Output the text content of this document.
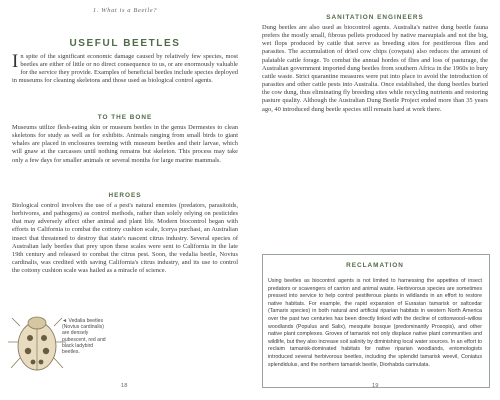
1. What is a Beetle?
USEFUL BEETLES

In spite of the significant economic damage caused by relatively few species, most beetles are either of little or no direct consequence to us, or are enormously valuable for the service they provide. Examples of beneficial beetles include species deployed in museums for cleaning skeletons and those used as biological control agents.

TO THE BONE

Museums utilize flesh-eating skin or museum beetles in the genus Dermestes to clean skeletons for study as well as for exhibits. Animals ranging from small birds to giant whales are placed in enclosures teeming with museum beetles and their larvae, which will gnaw at the carcasses until nothing remains but skeleton. This process may take only a few days for smaller animals or several months for large marine mammals.

HEROES

Biological control involves the use of a pest's natural enemies (predators, parasitoids, herbivores, and pathogens) as control methods, rather than solely relying on pesticides that may adversely affect other animal and plant life. Modern biocontrol began with efforts in California to combat the cottony cushion scale, Icerya purchasi, an Australian insect that threatened to destroy that state's nascent citrus industry. Several species of Australian lady beetles that prey upon these scales were sent to California in the late 19th century and released to combat the citrus pest. Soon, the vedalia beetle, Novius cardinalis, was credited with saving California's citrus industry, and its use to control the cottony cushion scale was hailed as a miracle of science.

◄ Vedalia beetles (Novius cardinalis) are densely pubescent, red and black ladybird beetles.
18
SANITATION ENGINEERS

Dung beetles are also used as biocontrol agents. Australia's native dung beetle fauna prefers the mostly small, fibrous pellets produced by native marsupials and not the big, wet flops produced by cattle that serve as breeding sites for pestiferous flies and parasites. The accumulation of dried cow chips (cowpats) also reduces the amount of palatable cattle forage. To combat the annual hordes of flies and loss of pasturage, the Australian government imported dung beetles from southern Africa in the 1960s to bury cattle waste. Strict quarantine measures were put into place to avoid the introduction of parasites and other cattle pests into Australia. Once established, the dung beetles buried the cow dung, thus eliminating fly breeding sites while recycling nutrients and restoring pasture quality. Although the Australian Dung Beetle Project ended more than 35 years ago, 40 introduced dung beetle species still remain hard at work there.

RECLAMATION

Using beetles as biocontrol agents is not limited to harnessing the appetites of insect predators or scavengers of carrion and animal waste. Herbivorous species are sometimes pressed into service to help control pestiferous plants in wildlands in an effort to restore native habitats. For example, the rapid expansion of Eurasian tamarisk or saltcedar (Tamarix species) in both natural and artificial riparian habitats in western North America over the past two centuries has been directly linked with the decline of cottonwood–willow woodlands (Populus and Salix), mesquite bosque (predominantly Prosopis), and other native plant complexes. Groves of tamarisk not only displace native plant communities and wildlife, but they also increase soil salinity by diminishing local water sources. In an effort to reclaim tamarisk-dominated habitats for native riparian woodlands, entomologists introduced several herbivorous beetles, including the splendid tamarisk weevil, Coniatus splendidulus, and the northern tamarisk beetle, Diorhabda carinulata.

19
